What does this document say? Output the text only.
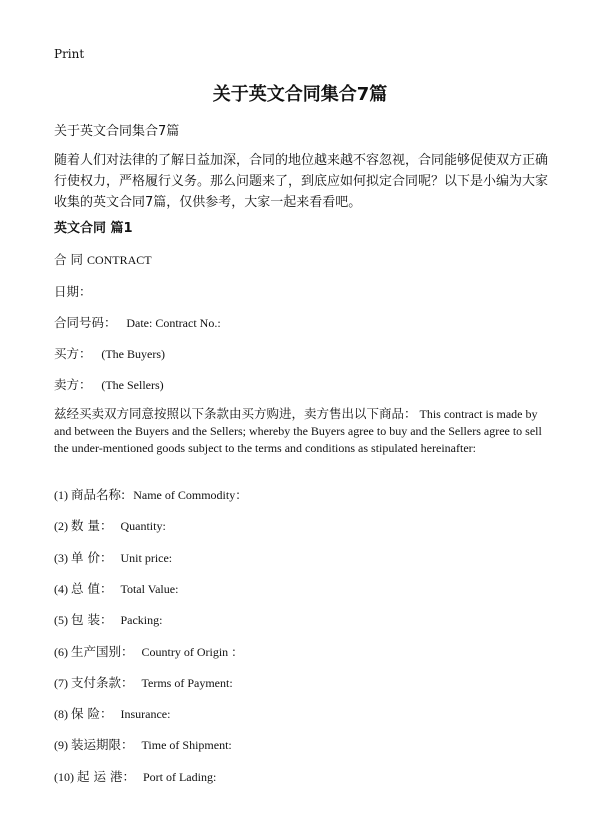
Print
关于英文合同集合7篇
关于英文合同集合7篇

随着人们对法律的了解日益加深，合同的地位越来越不容忽视，合同能够促使双方正确行使权力，严格履行义务。那么问题来了，到底应如何拟定合同呢？以下是小编为大家收集的英文合同7篇，仅供参考，大家一起来看看吧。

英文合同 篇1
合 同 CONTRACT
日期：
合同号码： Date: Contract No.:
买方： (The Buyers)
卖方： (The Sellers)

兹经买卖双方同意按照以下条款由买方购进，卖方售出以下商品： This contract is made by and between the Buyers and the Sellers; whereby the Buyers agree to buy and the Sellers agree to sell the under-mentioned goods subject to the terms and conditions as stipulated hereinafter:

(1) 商品名称: Name of Commodity：
(2) 数 量： Quantity:
(3) 单 价： Unit price:
(4) 总 值： Total Value:
(5) 包 装： Packing:
(6) 生产国别： Country of Origin ：
(7) 支付条款： Terms of Payment:
(8) 保 险： Insurance:
(9) 装运期限： Time of Shipment:
(10) 起 运 港： Port of Lading:
